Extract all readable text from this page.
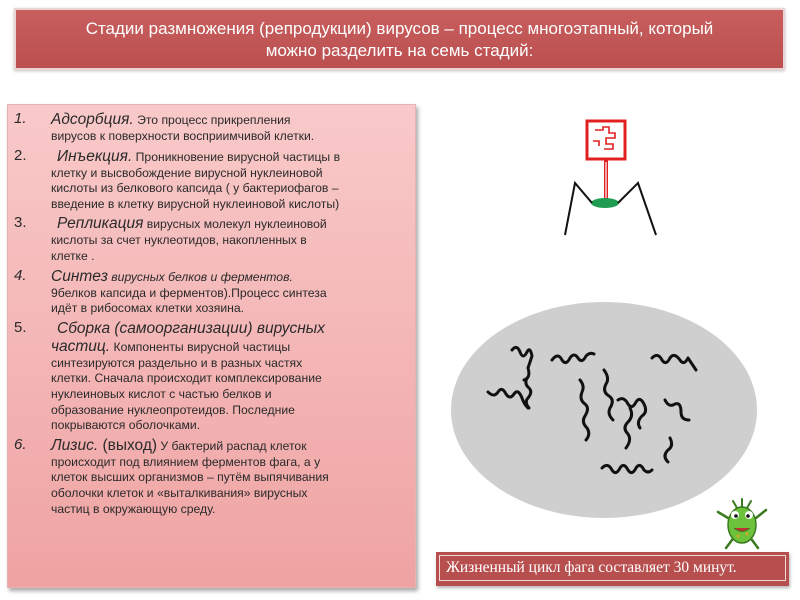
Стадии размножения (репродукции) вирусов – процесс многоэтапный, который
можно разделить на семь стадий:
1. Адсорбция. Это процесс прикрепления
вирусов к поверхности восприимчивой клетки.
2. Инъекция. Проникновение вирусной частицы в
клетку и высвобождение вирусной нуклеиновой
кислоты из белкового капсида ( у бактериофагов –
введение в клетку вирусной нуклеиновой кислоты)
3. Репликация вирусных молекул нуклеиновой
кислоты за счет нуклеотидов, накопленных в
клетке .
4. Синтез вирусных белков и ферментов.
9белков капсида и ферментов).Процесс синтеза
идёт в рибосомах клетки хозяина.
5. Сборка (самоорганизации) вирусных
частиц. Компоненты вирусной частицы
синтезируются раздельно и в разных частях
клетки. Сначала происходит комплексирование
нуклеиновых кислот с частью белков и
образование нуклеопротеидов. Последние
покрываются оболочками.
6. Лизис. (выход) У бактерий распад клеток
происходит под влиянием ферментов фага, а у
клеток высших организмов – путём выпячивания
оболочки клеток и «выталкивания» вирусных
частиц в окружающую среду.
Жизненный цикл фага составляет 30 минут.
